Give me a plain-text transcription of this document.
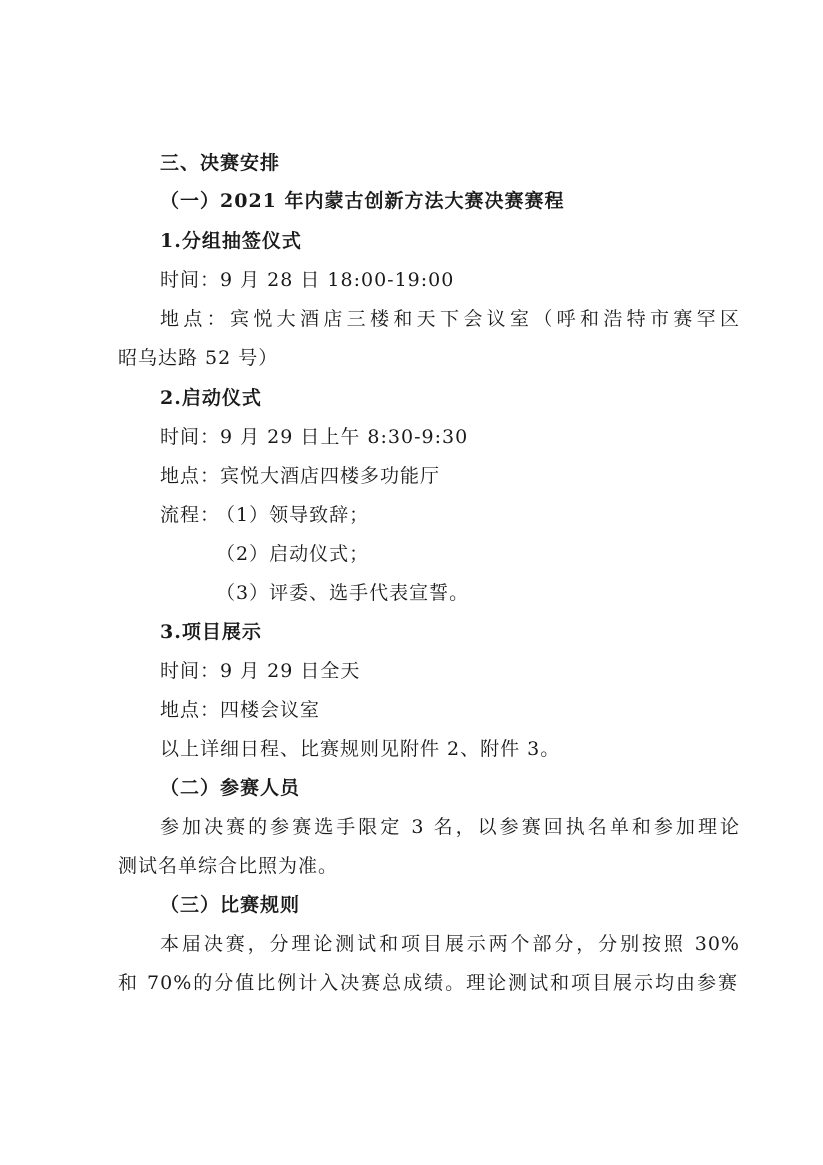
三、决赛安排
（一）2021 年内蒙古创新方法大赛决赛赛程
1.分组抽签仪式
时间：9 月 28 日 18:00-19:00
地点：宾悦大酒店三楼和天下会议室（呼和浩特市赛罕区
昭乌达路 52 号）
2.启动仪式
时间：9 月 29 日上午 8:30-9:30
地点：宾悦大酒店四楼多功能厅
流程：
（1）领导致辞；
（2）启动仪式；
（3）评委、选手代表宣誓。
3.项目展示
时间：9 月 29 日全天
地点：四楼会议室
以上详细日程、比赛规则见附件 2、附件 3。
（二）参赛人员
参加决赛的参赛选手限定 3 名，以参赛回执名单和参加理论
测试名单综合比照为准。
（三）比赛规则
本届决赛，分理论测试和项目展示两个部分，分别按照 30%
和 70%的分值比例计入决赛总成绩。理论测试和项目展示均由参赛
